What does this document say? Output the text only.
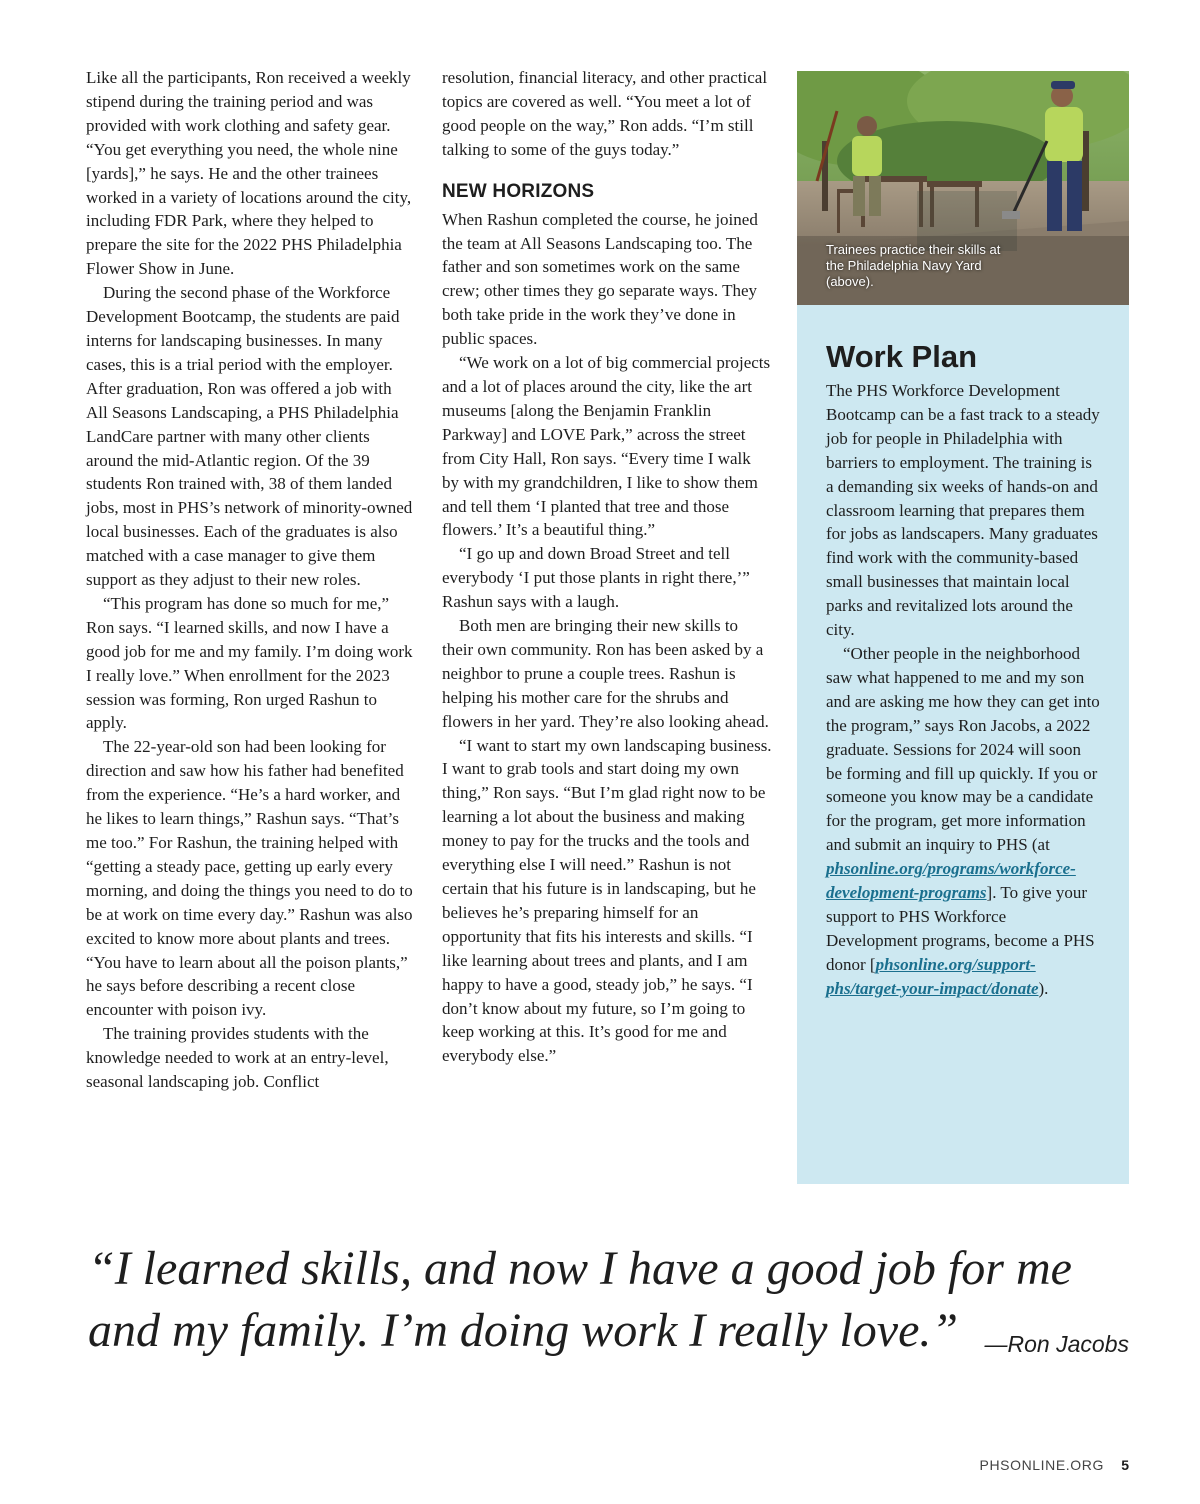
Like all the participants, Ron received a weekly stipend during the training period and was provided with work clothing and safety gear. “You get everything you need, the whole nine [yards],” he says. He and the other trainees worked in a variety of locations around the city, including FDR Park, where they helped to prepare the site for the 2022 PHS Philadelphia Flower Show in June.

During the second phase of the Workforce Development Bootcamp, the students are paid interns for landscaping businesses. In many cases, this is a trial period with the employer. After graduation, Ron was offered a job with All Seasons Landscaping, a PHS Philadelphia LandCare partner with many other clients around the mid-Atlantic region. Of the 39 students Ron trained with, 38 of them landed jobs, most in PHS’s network of minority-owned local businesses. Each of the graduates is also matched with a case manager to give them support as they adjust to their new roles.

“This program has done so much for me,” Ron says. “I learned skills, and now I have a good job for me and my family. I’m doing work I really love.” When enrollment for the 2023 session was forming, Ron urged Rashun to apply.

The 22-year-old son had been looking for direction and saw how his father had benefited from the experience. “He’s a hard worker, and he likes to learn things,” Rashun says. “That’s me too.” For Rashun, the training helped with “getting a steady pace, getting up early every morning, and doing the things you need to do to be at work on time every day.” Rashun was also excited to know more about plants and trees. “You have to learn about all the poison plants,” he says before describing a recent close encounter with poison ivy.

The training provides students with the knowledge needed to work at an entry-level, seasonal landscaping job. Conflict

resolution, financial literacy, and other practical topics are covered as well. “You meet a lot of good people on the way,” Ron adds. “I’m still talking to some of the guys today.”

NEW HORIZONS

When Rashun completed the course, he joined the team at All Seasons Landscaping too. The father and son sometimes work on the same crew; other times they go separate ways. They both take pride in the work they’ve done in public spaces.

“We work on a lot of big commercial projects and a lot of places around the city, like the art museums [along the Benjamin Franklin Parkway] and LOVE Park,” across the street from City Hall, Ron says. “Every time I walk by with my grandchildren, I like to show them and tell them ‘I planted that tree and those flowers.’ It’s a beautiful thing.”

“I go up and down Broad Street and tell everybody ‘I put those plants in right there,’” Rashun says with a laugh.

Both men are bringing their new skills to their own community. Ron has been asked by a neighbor to prune a couple trees. Rashun is helping his mother care for the shrubs and flowers in her yard. They’re also looking ahead.

“I want to start my own landscaping business. I want to grab tools and start doing my own thing,” Ron says. “But I’m glad right now to be learning a lot about the business and making money to pay for the trucks and the tools and everything else I will need.” Rashun is not certain that his future is in landscaping, but he believes he’s preparing himself for an opportunity that fits his interests and skills. “I like learning about trees and plants, and I am happy to have a good, steady job,” he says. “I don’t know about my future, so I’m going to keep working at this. It’s good for me and everybody else.”

Trainees practice their skills at the Philadelphia Navy Yard (above).
Work Plan

The PHS Workforce Development Bootcamp can be a fast track to a steady job for people in Philadelphia with barriers to employment. The training is a demanding six weeks of hands-on and classroom learning that prepares them for jobs as landscapers. Many graduates find work with the community-based small businesses that maintain local parks and revitalized lots around the city.

“Other people in the neighborhood saw what happened to me and my son and are asking me how they can get into the program,” says Ron Jacobs, a 2022 graduate. Sessions for 2024 will soon be forming and fill up quickly. If you or someone you know may be a candidate for the program, get more information and submit an inquiry to PHS (at phsonline.org/programs/workforce-development-programs]. To give your support to PHS Workforce Development programs, become a PHS donor [phsonline.org/support-phs/target-your-impact/donate).

“I learned skills, and now I have a good job for me and my family. I’m doing work I really love.”	—Ron Jacobs
PHSONLINE.ORG 5
